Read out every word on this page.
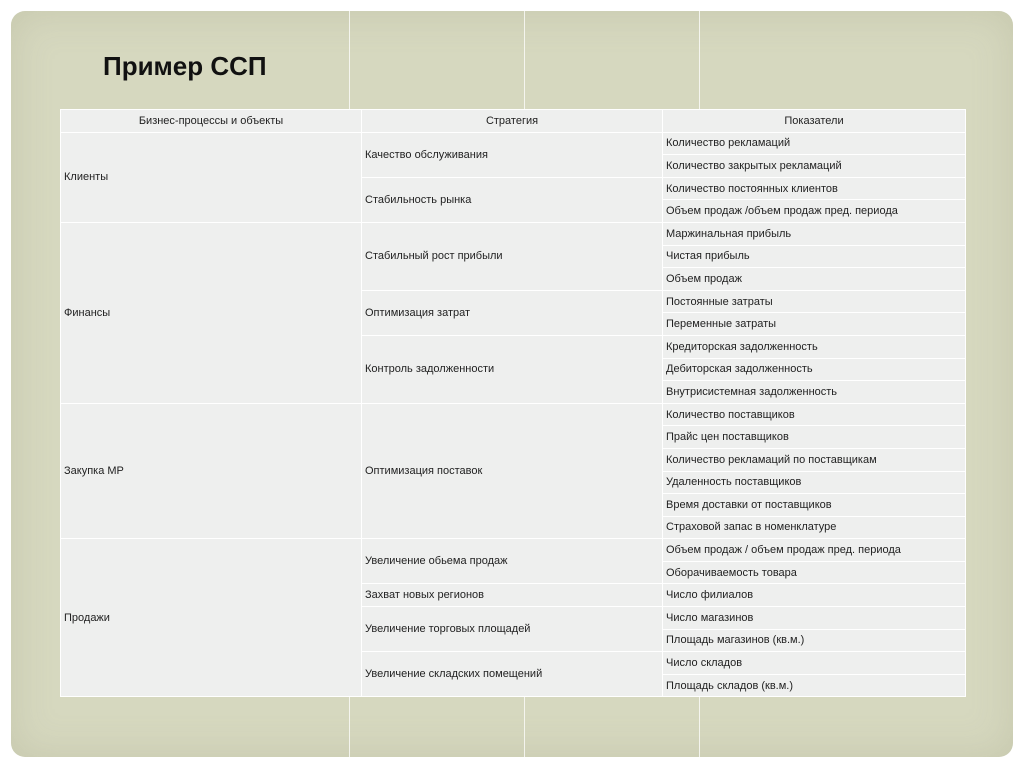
Пример ССП
Бизнес-процессы и объекты	Стратегия	Показатели
Клиенты	Качество обслуживания	Количество рекламаций
		Количество закрытых рекламаций
	Стабильность рынка	Количество постоянных клиентов
		Объем продаж /объем продаж пред. периода
Финансы	Стабильный рост прибыли	Маржинальная прибыль
		Чистая прибыль
		Объем продаж
	Оптимизация затрат	Постоянные затраты
		Переменные затраты
	Контроль задолженности	Кредиторская задолженность
		Дебиторская задолженность
		Внутрисистемная задолженность
Закупка МР	Оптимизация поставок	Количество поставщиков
		Прайс цен поставщиков
		Количество рекламаций по поставщикам
		Удаленность поставщиков
		Время доставки от поставщиков
		Страховой запас в номенклатуре
Продажи	Увеличение обьема продаж	Объем продаж / объем продаж пред. периода
		Оборачиваемость товара
	Захват новых регионов	Число филиалов
	Увеличение торговых площадей	Число магазинов
		Площадь магазинов (кв.м.)
	Увеличение складских помещений	Число складов
		Площадь складов (кв.м.)
